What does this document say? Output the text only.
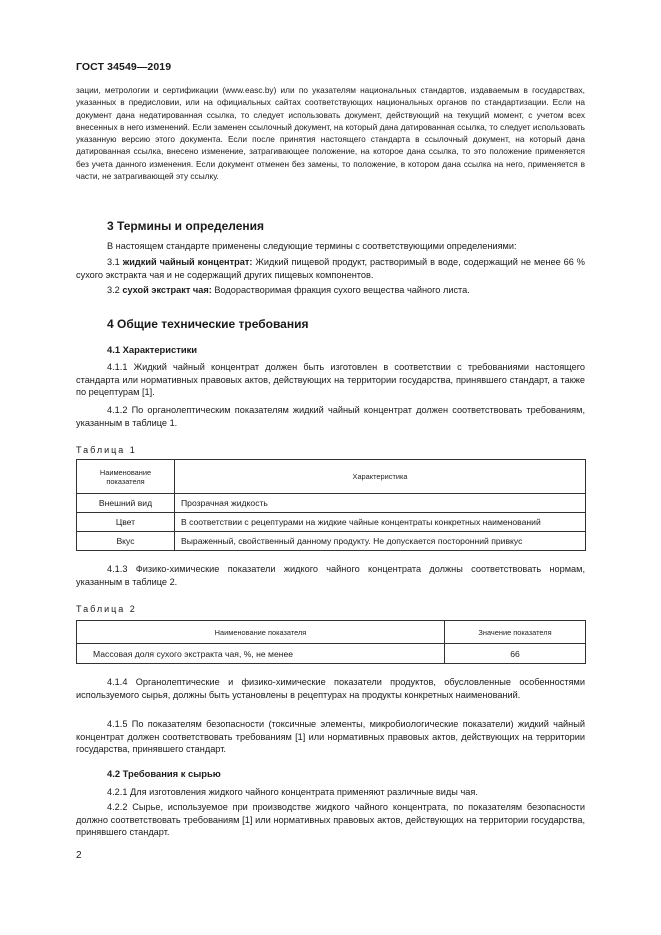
ГОСТ 34549—2019
зации, метрологии и сертификации (www.easc.by) или по указателям национальных стандартов, издаваемым в государствах, указанных в предисловии, или на официальных сайтах соответствующих национальных органов по стандартизации. Если на документ дана недатированная ссылка, то следует использовать документ, действующий на текущий момент, с учетом всех внесенных в него изменений. Если заменен ссылочный документ, на который дана датированная ссылка, то следует использовать указанную версию этого документа. Если после принятия настоящего стандарта в ссылочный документ, на который дана датированная ссылка, внесено изменение, затрагивающее положение, на которое дана ссылка, то это положение применяется без учета данного изменения. Если документ отменен без замены, то положение, в котором дана ссылка на него, применяется в части, не затрагивающей эту ссылку.
3 Термины и определения
В настоящем стандарте применены следующие термины с соответствующими определениями:
3.1 жидкий чайный концентрат: Жидкий пищевой продукт, растворимый в воде, содержащий не менее 66 % сухого экстракта чая и не содержащий других пищевых компонентов.
3.2 сухой экстракт чая: Водорастворимая фракция сухого вещества чайного листа.
4 Общие технические требования
4.1 Характеристики
4.1.1 Жидкий чайный концентрат должен быть изготовлен в соответствии с требованиями настоящего стандарта или нормативных правовых актов, действующих на территории государства, принявшего стандарт, а также по рецептурам [1].
4.1.2 По органолептическим показателям жидкий чайный концентрат должен соответствовать требованиям, указанным в таблице 1.
Таблица 1
Наименование показателя	Характеристика
Внешний вид	Прозрачная жидкость
Цвет	В соответствии с рецептурами на жидкие чайные концентраты конкретных наименований
Вкус	Выраженный, свойственный данному продукту. Не допускается посторонний привкус
4.1.3 Физико-химические показатели жидкого чайного концентрата должны соответствовать нормам, указанным в таблице 2.
Таблица 2
Наименование показателя	Значение показателя
Массовая доля сухого экстракта чая, %, не менее	66
4.1.4 Органолептические и физико-химические показатели продуктов, обусловленные особенностями используемого сырья, должны быть установлены в рецептурах на продукты конкретных наименований.
4.1.5 По показателям безопасности (токсичные элементы, микробиологические показатели) жидкий чайный концентрат должен соответствовать требованиям [1] или нормативных правовых актов, действующих на территории государства, принявшего стандарт.
4.2 Требования к сырью
4.2.1 Для изготовления жидкого чайного концентрата применяют различные виды чая.
4.2.2 Сырье, используемое при производстве жидкого чайного концентрата, по показателям безопасности должно соответствовать требованиям [1] или нормативных правовых актов, действующих на территории государства, принявшего стандарт.
2
